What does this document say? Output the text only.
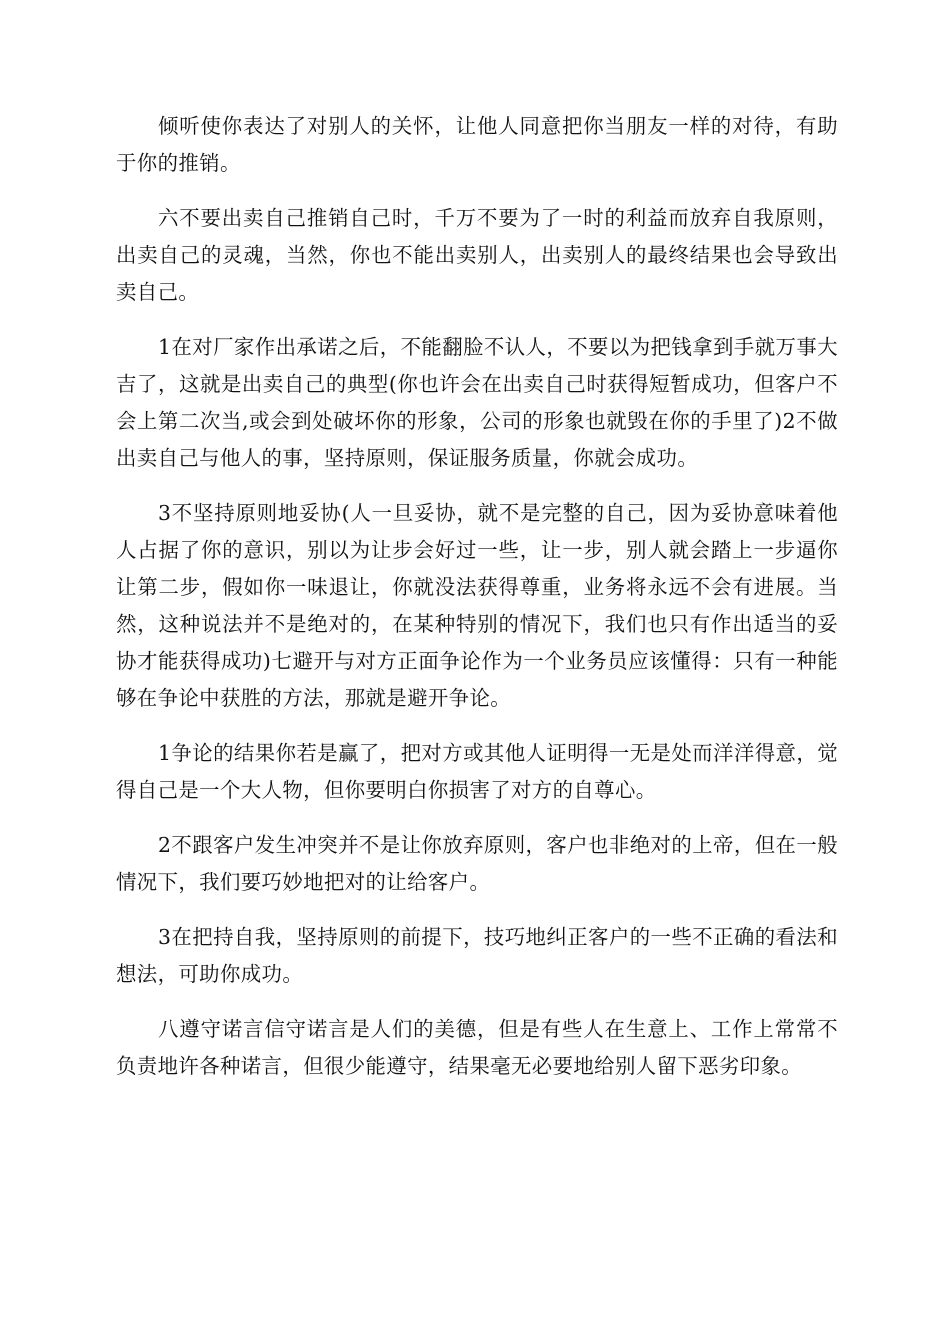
倾听使你表达了对别人的关怀，让他人同意把你当朋友一样的对待，有助于你的推销。

六不要出卖自己推销自己时，千万不要为了一时的利益而放弃自我原则，出卖自己的灵魂，当然，你也不能出卖别人，出卖别人的最终结果也会导致出卖自己。

1在对厂家作出承诺之后，不能翻脸不认人，不要以为把钱拿到手就万事大吉了，这就是出卖自己的典型(你也许会在出卖自己时获得短暂成功，但客户不会上第二次当,或会到处破坏你的形象，公司的形象也就毁在你的手里了)2不做出卖自己与他人的事，坚持原则，保证服务质量，你就会成功。

3不坚持原则地妥协(人一旦妥协，就不是完整的自己，因为妥协意味着他人占据了你的意识，别以为让步会好过一些，让一步，别人就会踏上一步逼你让第二步，假如你一味退让，你就没法获得尊重，业务将永远不会有进展。当然，这种说法并不是绝对的，在某种特别的情况下，我们也只有作出适当的妥协才能获得成功)七避开与对方正面争论作为一个业务员应该懂得：只有一种能够在争论中获胜的方法，那就是避开争论。

1争论的结果你若是赢了，把对方或其他人证明得一无是处而洋洋得意，觉得自己是一个大人物，但你要明白你损害了对方的自尊心。

2不跟客户发生冲突并不是让你放弃原则，客户也非绝对的上帝，但在一般情况下，我们要巧妙地把对的让给客户。

3在把持自我，坚持原则的前提下，技巧地纠正客户的一些不正确的看法和想法，可助你成功。

八遵守诺言信守诺言是人们的美德，但是有些人在生意上、工作上常常不负责地许各种诺言，但很少能遵守，结果毫无必要地给别人留下恶劣印象。
